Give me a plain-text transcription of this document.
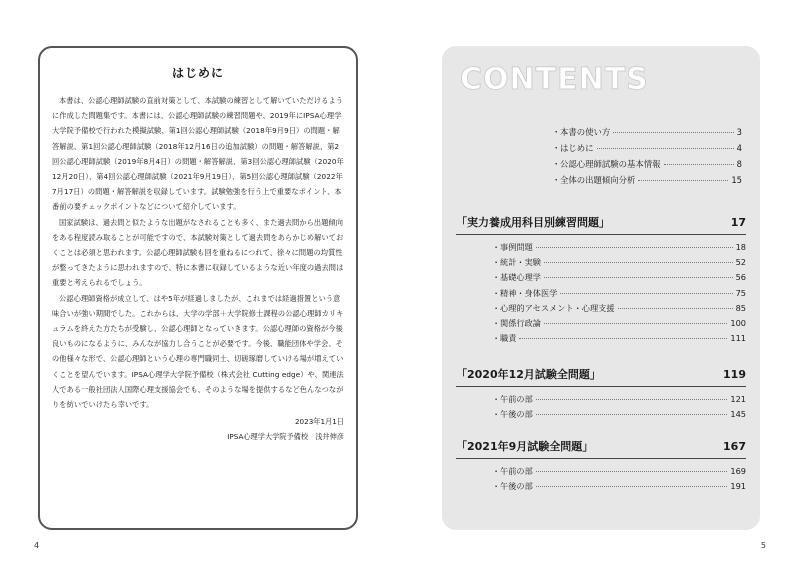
はじめに

本書は、公認心理師試験の直前対策として、本試験の練習として解いていただけるように作成した問題集です。本書には、公認心理師試験の練習問題や、2019年にIPSA心理学大学院予備校で行われた模擬試験、第1回公認心理師試験（2018年9月9日）の問題・解答解説、第1回公認心理師試験（2018年12月16日の追加試験）の問題・解答解説、第2回公認心理師試験（2019年8月4日）の問題・解答解説、第3回公認心理師試験（2020年12月20日）、第4回公認心理師試験（2021年9月19日）、第5回公認心理師試験（2022年7月17日）の問題・解答解説を収録しています。試験勉強を行う上で重要なポイント、本番前の要チェックポイントなどについて紹介しています。

国家試験は、過去問と似たような出題がなされることも多く、また過去問から出題傾向をある程度読み取ることが可能ですので、本試験対策として過去問をあらかじめ解いておくことは必須と思われます。公認心理師試験も回を重ねるにつれて、徐々に問題の均質性が整ってきたように思われますので、特に本書に収録しているような近い年度の過去問は重要と考えられるでしょう。

公認心理師資格が成立して、はや5年が経過しましたが、これまでは経過措置という意味合いが強い期間でした。これからは、大学の学部＋大学院修士課程の公認心理師カリキュラムを終えた方たちが受験し、公認心理師となっていきます。公認心理師の資格が今後良いものになるように、みんなが協力し合うことが必要です。今後、職能団体や学会、その他様々な形で、公認心理師という心理の専門職同士、切磋琢磨していける場が増えていくことを望んでいます。IPSA心理学大学院予備校（株式会社 Cutting edge）や、関連法人である一般社団法人国際心理支援協会でも、そのような場を提供するなど色んなつながりを紡いでいけたら幸いです。

2023年1月1日

IPSA心理学大学院予備校　浅井伸彦

4
CONTENTS
・ 本書の使い方	3
・ はじめに	4
・ 公認心理師試験の基本情報	8
・ 全体の出題傾向分析	15
「実力養成用科目別練習問題」	17
・ 事例問題	18
・ 統計・実験	52
・ 基礎心理学	56
・ 精神・身体医学	75
・ 心理的アセスメント・心理支援	85
・ 関係行政論	100
・ 職責	111
「2020年12月試験全問題」	119
・ 午前の部	121
・ 午後の部	145
「2021年9月試験全問題」	167
・ 午前の部	169
・ 午後の部	191
5
